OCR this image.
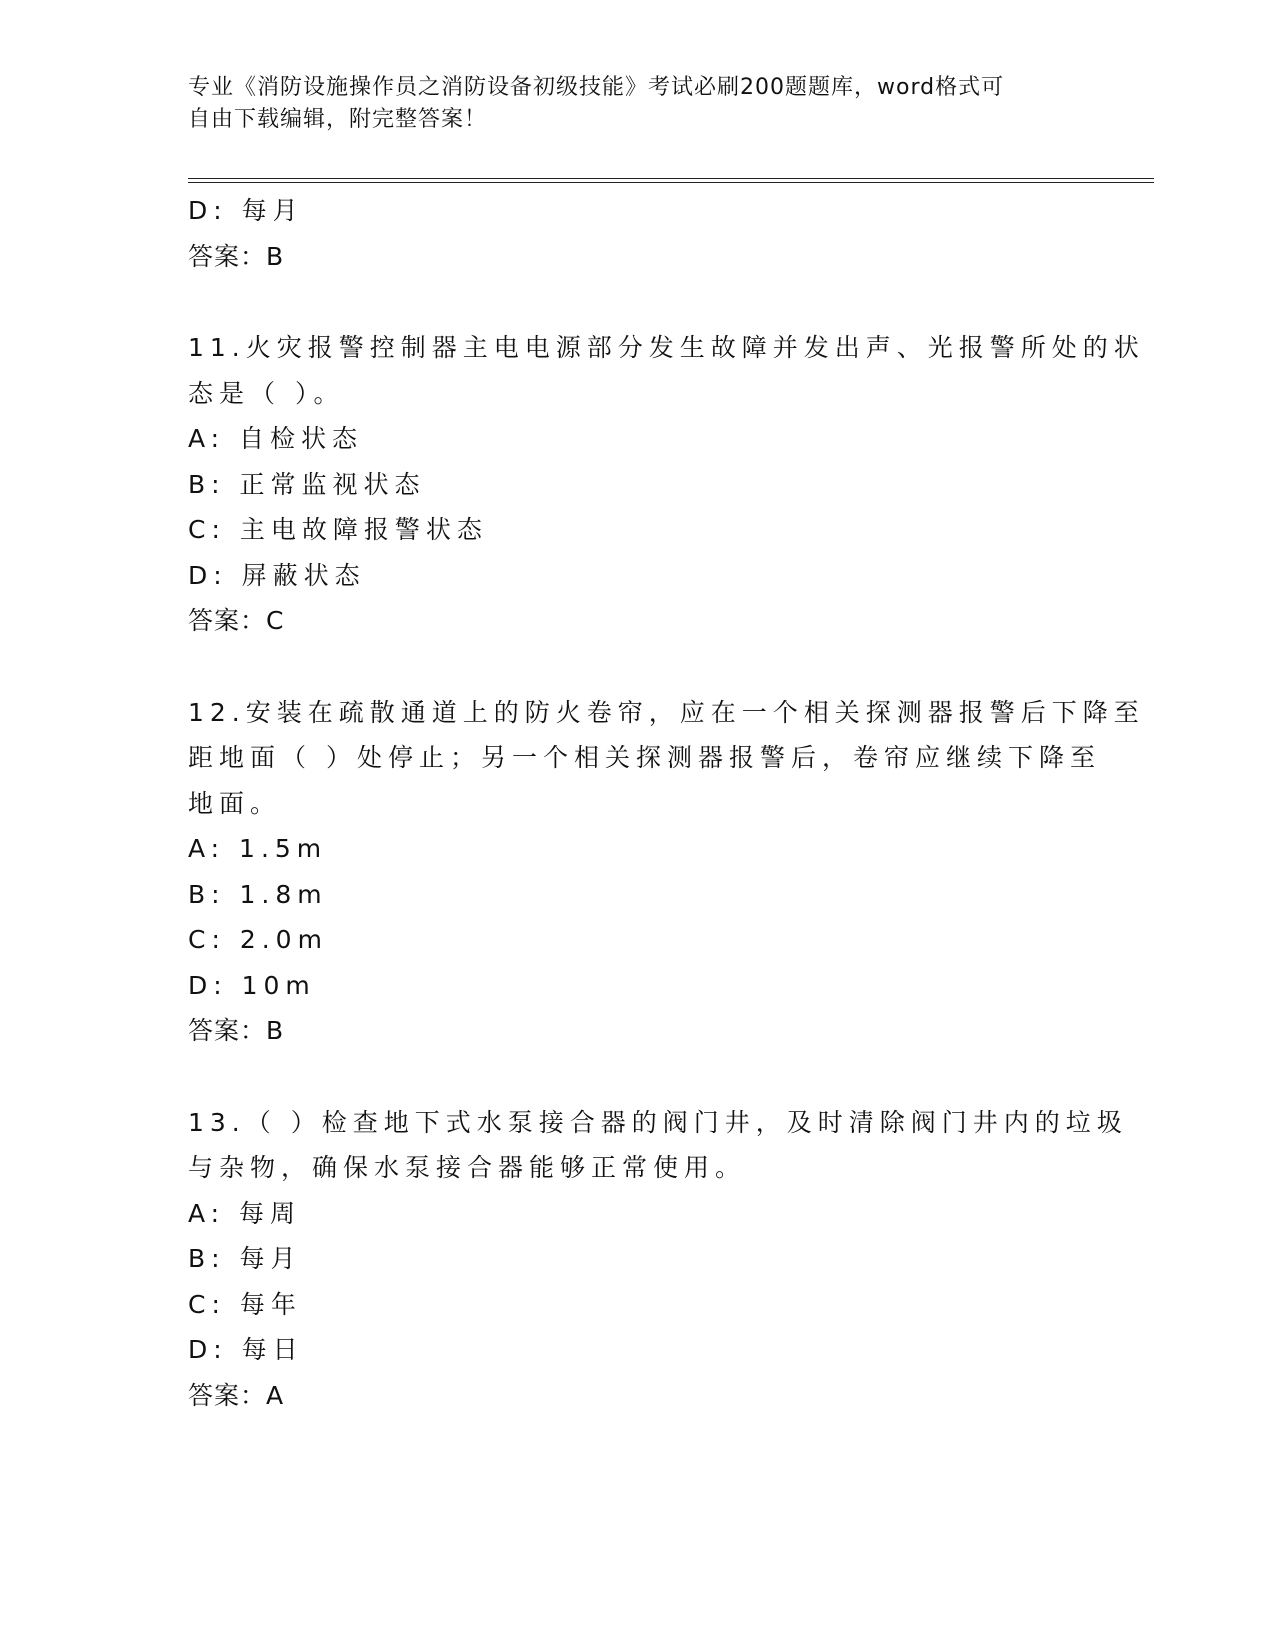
专业《消防设施操作员之消防设备初级技能》考试必刷200题题库，word格式可
自由下载编辑，附完整答案！
D: 每月
答案：B
11.火灾报警控制器主电电源部分发生故障并发出声、光报警所处的状
态是（ ）。
A: 自检状态
B: 正常监视状态
C: 主电故障报警状态
D: 屏蔽状态
答案：C
12.安装在疏散通道上的防火卷帘，应在一个相关探测器报警后下降至
距地面（ ）处停止；另一个相关探测器报警后，卷帘应继续下降至
地面。
A: 1.5m
B: 1.8m
C: 2.0m
D: 10m
答案：B
13.（ ）检查地下式水泵接合器的阀门井，及时清除阀门井内的垃圾
与杂物，确保水泵接合器能够正常使用。
A: 每周
B: 每月
C: 每年
D: 每日
答案：A
